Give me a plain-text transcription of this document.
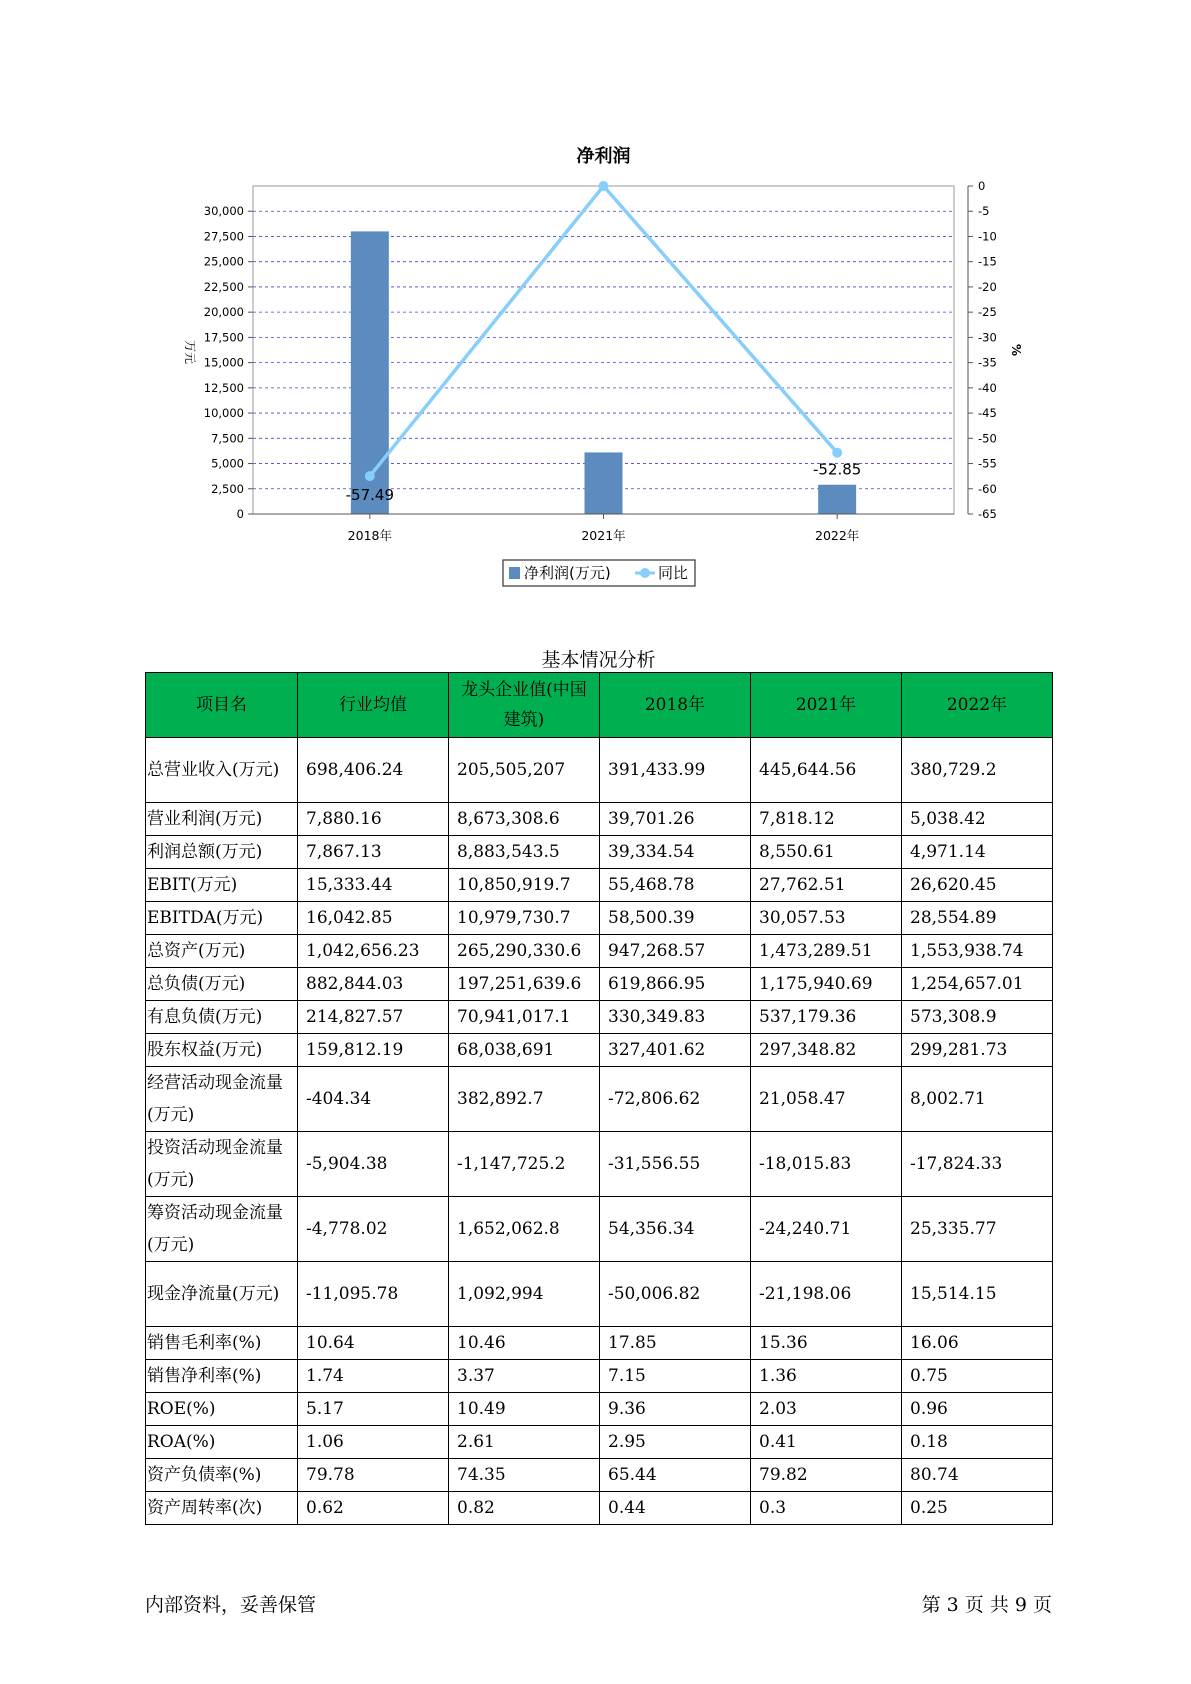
净利润
0
2,500
5,000
7,500
10,000
12,500
15,000
17,500
20,000
22,500
25,000
27,500
30,000
0
-5
-10
-15
-20
-25
-30
-35
-40
-45
-50
-55
-60
-65
万元	%
2018年	2021年	2022年
-57.49
-52.85
净利润(万元)	同比
基本情况分析
项目名	行业均值	龙头企业值(中国建筑)	2018年	2021年	2022年
总营业收入(万元)	698,406.24	205,505,207	391,433.99	445,644.56	380,729.2
营业利润(万元)	7,880.16	8,673,308.6	39,701.26	7,818.12	5,038.42
利润总额(万元)	7,867.13	8,883,543.5	39,334.54	8,550.61	4,971.14
EBIT(万元)	15,333.44	10,850,919.7	55,468.78	27,762.51	26,620.45
EBITDA(万元)	16,042.85	10,979,730.7	58,500.39	30,057.53	28,554.89
总资产(万元)	1,042,656.23	265,290,330.6	947,268.57	1,473,289.51	1,553,938.74
总负债(万元)	882,844.03	197,251,639.6	619,866.95	1,175,940.69	1,254,657.01
有息负债(万元)	214,827.57	70,941,017.1	330,349.83	537,179.36	573,308.9
股东权益(万元)	159,812.19	68,038,691	327,401.62	297,348.82	299,281.73
经营活动现金流量(万元)	-404.34	382,892.7	-72,806.62	21,058.47	8,002.71
投资活动现金流量(万元)	-5,904.38	-1,147,725.2	-31,556.55	-18,015.83	-17,824.33
筹资活动现金流量(万元)	-4,778.02	1,652,062.8	54,356.34	-24,240.71	25,335.77
现金净流量(万元)	-11,095.78	1,092,994	-50,006.82	-21,198.06	15,514.15
销售毛利率(%)	10.64	10.46	17.85	15.36	16.06
销售净利率(%)	1.74	3.37	7.15	1.36	0.75
ROE(%)	5.17	10.49	9.36	2.03	0.96
ROA(%)	1.06	2.61	2.95	0.41	0.18
资产负债率(%)	79.78	74.35	65.44	79.82	80.74
资产周转率(次)	0.62	0.82	0.44	0.3	0.25
内部资料，妥善保管	第 3 页 共 9 页
